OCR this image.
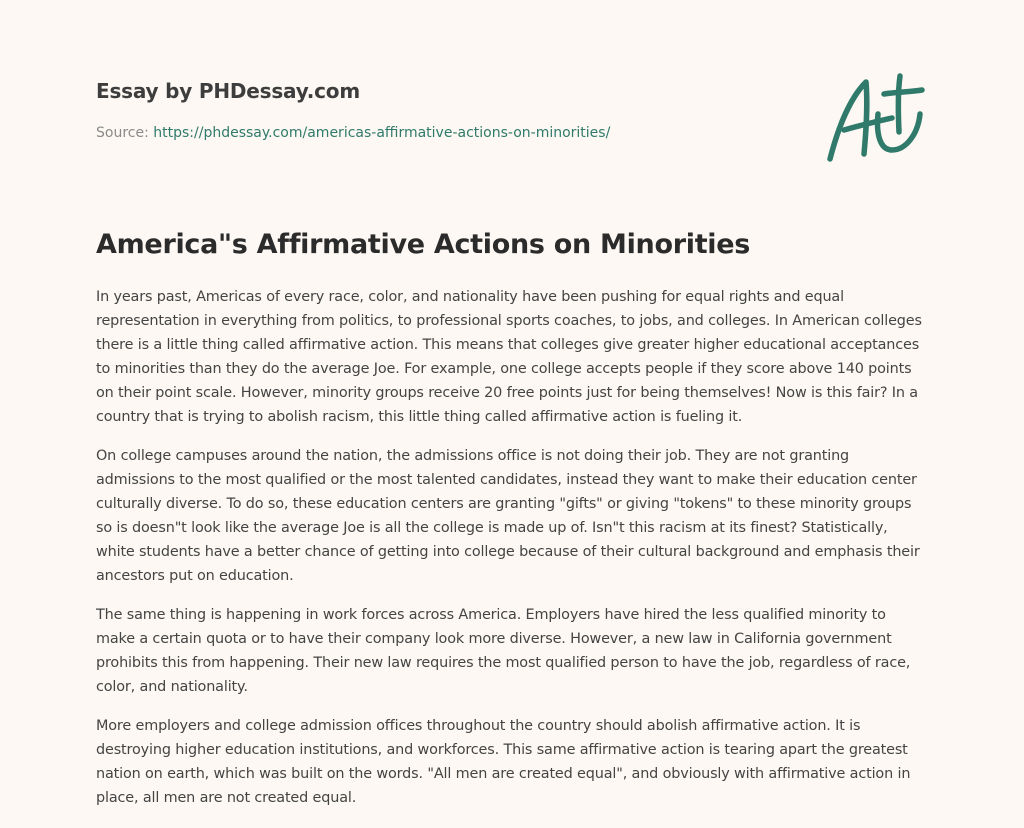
Essay by PHDessay.com
Source: https://phdessay.com/americas-affirmative-actions-on-minorities/
America"s Affirmative Actions on Minorities

In years past, Americas of every race, color, and nationality have been pushing for equal rights and equal representation in everything from politics, to professional sports coaches, to jobs, and colleges. In American colleges there is a little thing called affirmative action. This means that colleges give greater higher educational acceptances to minorities than they do the average Joe. For example, one college accepts people if they score above 140 points on their point scale. However, minority groups receive 20 free points just for being themselves! Now is this fair? In a country that is trying to abolish racism, this little thing called affirmative action is fueling it.

On college campuses around the nation, the admissions office is not doing their job. They are not granting admissions to the most qualified or the most talented candidates, instead they want to make their education center culturally diverse. To do so, these education centers are granting "gifts" or giving "tokens" to these minority groups so is doesn"t look like the average Joe is all the college is made up of. Isn"t this racism at its finest? Statistically, white students have a better chance of getting into college because of their cultural background and emphasis their ancestors put on education.

The same thing is happening in work forces across America. Employers have hired the less qualified minority to make a certain quota or to have their company look more diverse. However, a new law in California government prohibits this from happening. Their new law requires the most qualified person to have the job, regardless of race, color, and nationality.

More employers and college admission offices throughout the country should abolish affirmative action. It is destroying higher education institutions, and workforces. This same affirmative action is tearing apart the greatest nation on earth, which was built on the words. "All men are created equal", and obviously with affirmative action in place, all men are not created equal.
